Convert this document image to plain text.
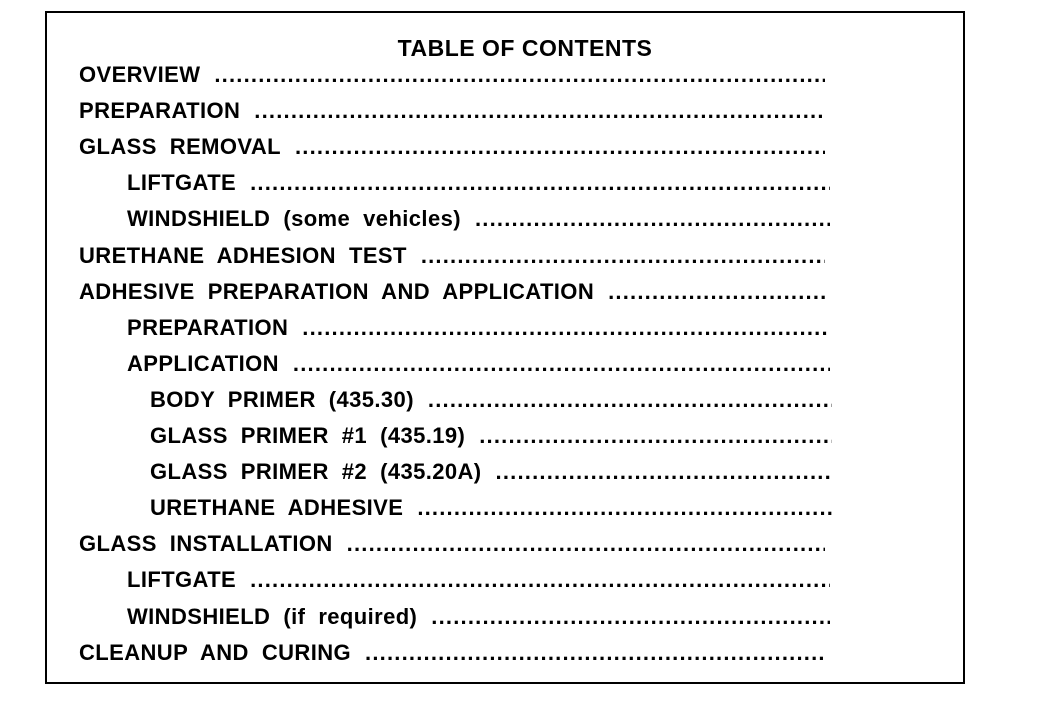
TABLE OF CONTENTS
OVERVIEW
.....
PREPARATION
.....
GLASS  REMOVAL
.....
LIFTGATE
.....
WINDSHIELD  (some  vehicles)
.....
URETHANE  ADHESION  TEST
.....
ADHESIVE  PREPARATION  AND  APPLICATION
.....
PREPARATION
.....
APPLICATION
.....
BODY  PRIMER  (435.30)
.....
GLASS  PRIMER  #1  (435.19)
.....
GLASS  PRIMER  #2  (435.20A)
.....
URETHANE  ADHESIVE
.....
GLASS  INSTALLATION
.....
LIFTGATE
.....
WINDSHIELD  (if  required)
.....
CLEANUP  AND  CURING
.....
